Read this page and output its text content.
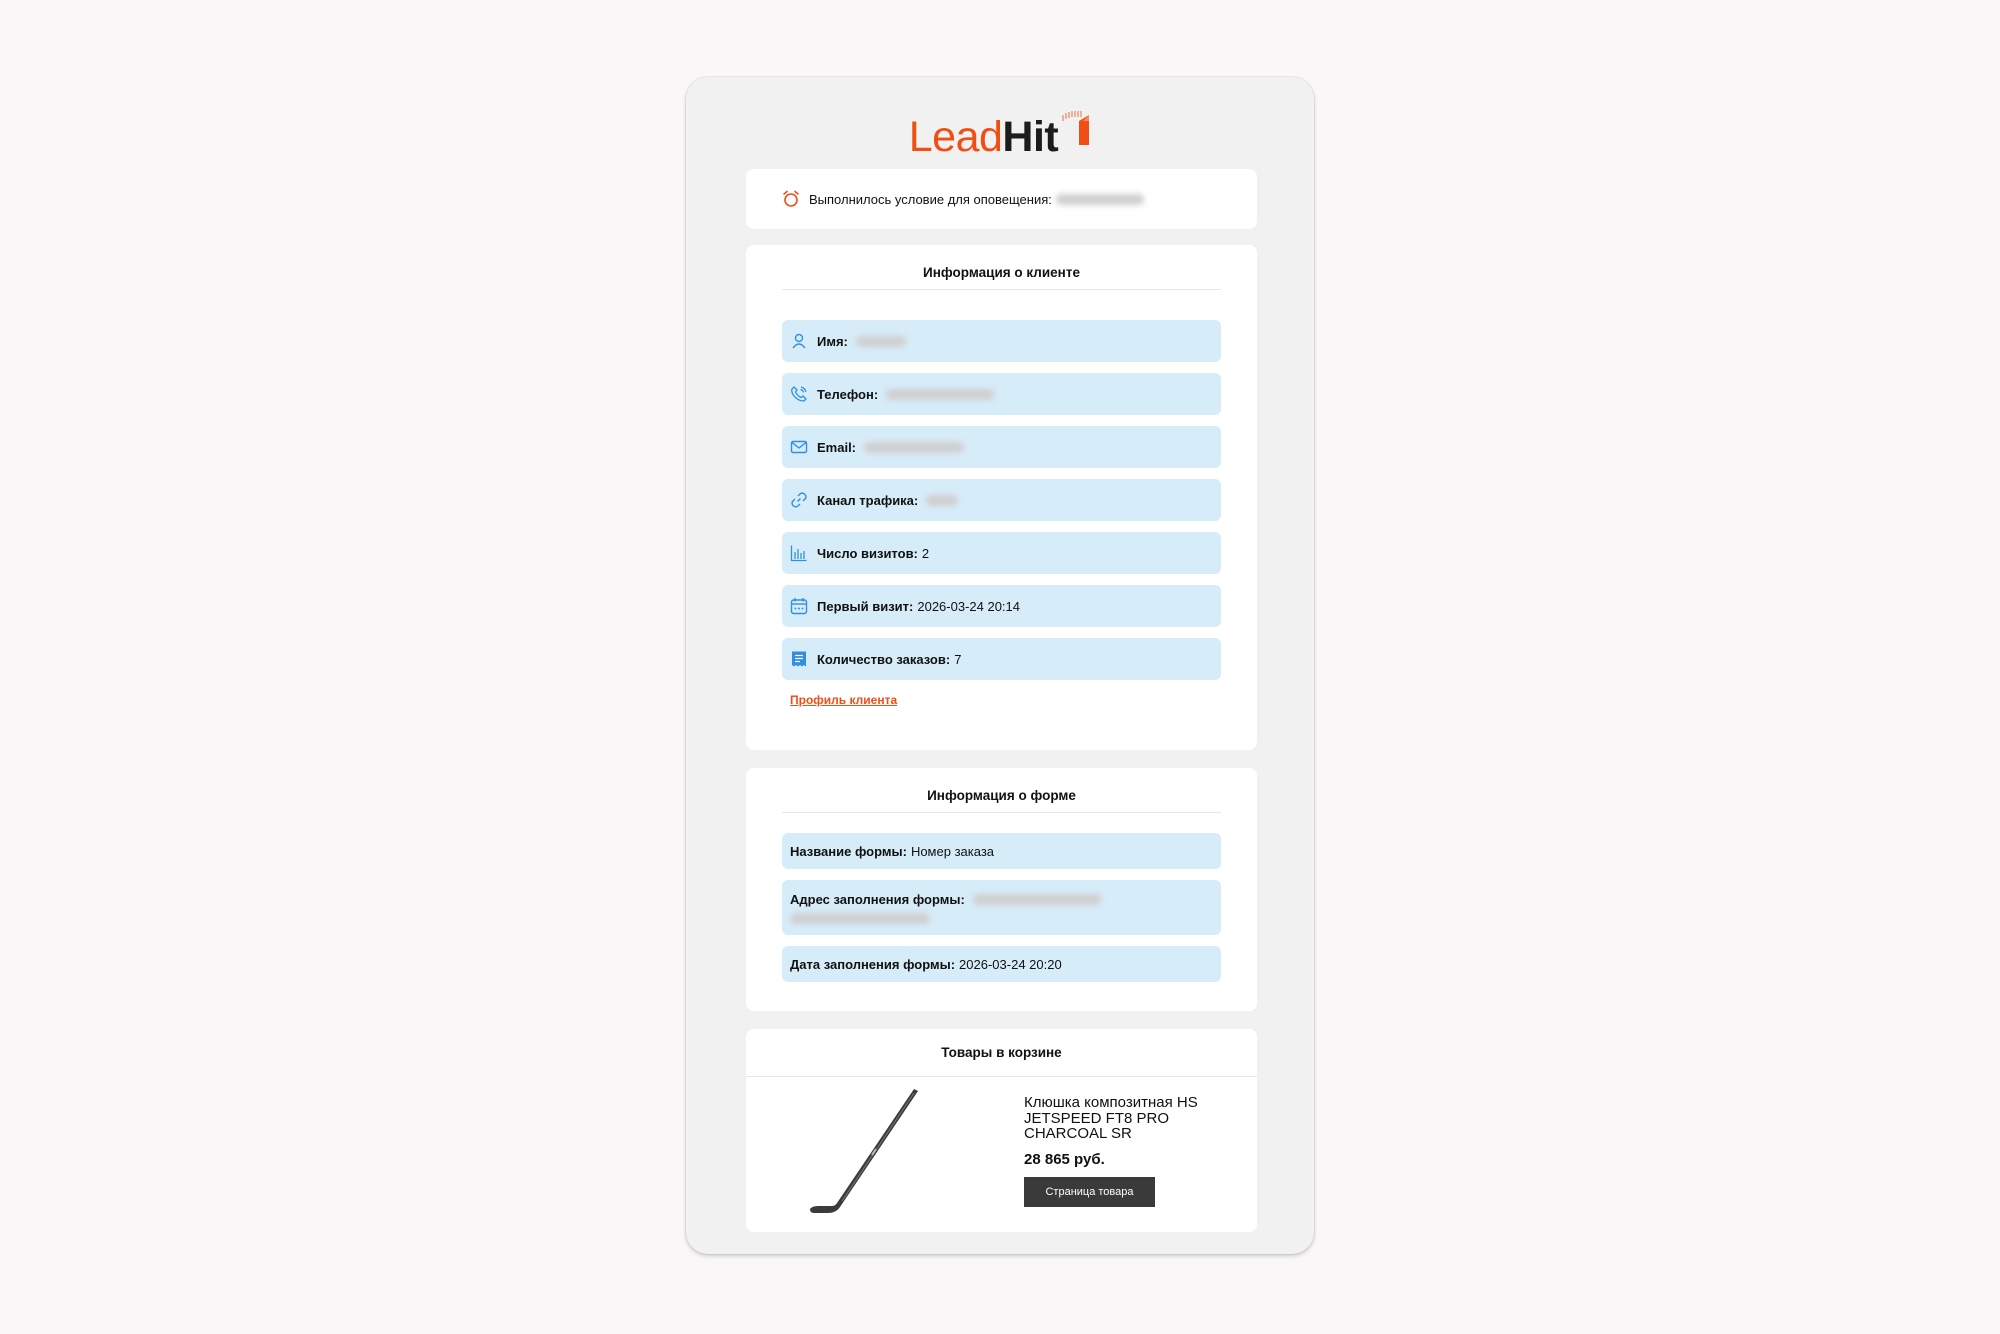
Lead Hit
Выполнилось условие для оповещения:
Информация о клиенте
Имя:
Телефон:
Email:
Канал трафика:
Число визитов: 2
Первый визит: 2026-03-24 20:14
Количество заказов: 7
Профиль клиента
Информация о форме
Название формы: Номер заказа
Адрес заполнения формы:
Дата заполнения формы: 2026-03-24 20:20
Товары в корзине
Клюшка композитная HS JETSPEED FT8 PRO CHARCOAL SR
28 865 руб.
Страница товара
